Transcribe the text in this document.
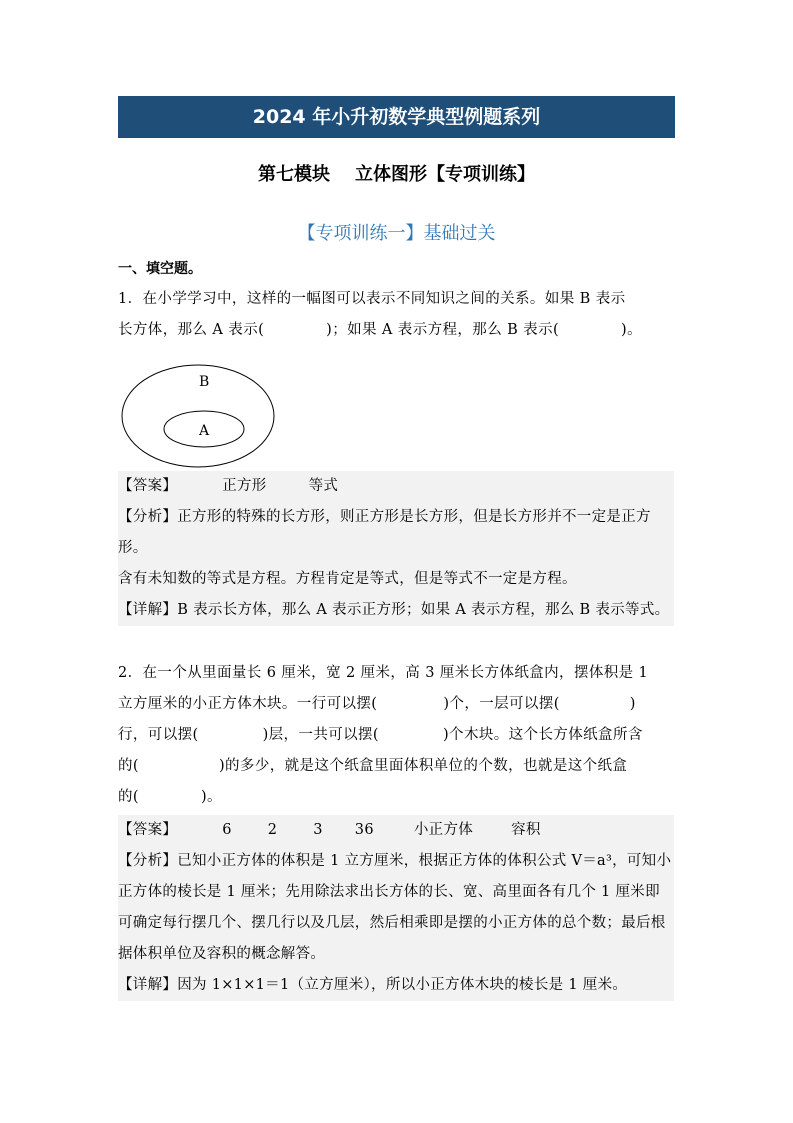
2024 年小升初数学典型例题系列
第七模块    立体图形【专项训练】
【专项训练一】基础过关
一、填空题。
1．在小学学习中，这样的一幅图可以表示不同知识之间的关系。如果 B 表示
长方体，那么 A 表示(	)；如果 A 表示方程，那么 B 表示(	)。
B
A
【答案】	正方形	等式
【分析】正方形的特殊的长方形，则正方形是长方形，但是长方形并不一定是正方形。
含有未知数的等式是方程。方程肯定是等式，但是等式不一定是方程。
【详解】B 表示长方体，那么 A 表示正方形；如果 A 表示方程，那么 B 表示等式。
2．在一个从里面量长 6 厘米，宽 2 厘米，高 3 厘米长方体纸盒内，摆体积是 1
立方厘米的小正方体木块。一行可以摆(	)个，一层可以摆(	)
行，可以摆(	)层，一共可以摆(	)个木块。这个长方体纸盒所含
的(	)的多少，就是这个纸盒里面体积单位的个数，也就是这个纸盒
的(	)。
【答案】	6 2 3 36	小正方体	容积
【分析】已知小正方体的体积是 1 立方厘米，根据正方体的体积公式 V＝a³，可知小正方体的棱长是 1 厘米；先用除法求出长方体的长、宽、高里面各有几个 1 厘米即可确定每行摆几个、摆几行以及几层，然后相乘即是摆的小正方体的总个数；最后根据体积单位及容积的概念解答。
【详解】因为 1×1×1＝1（立方厘米），所以小正方体木块的棱长是 1 厘米。
